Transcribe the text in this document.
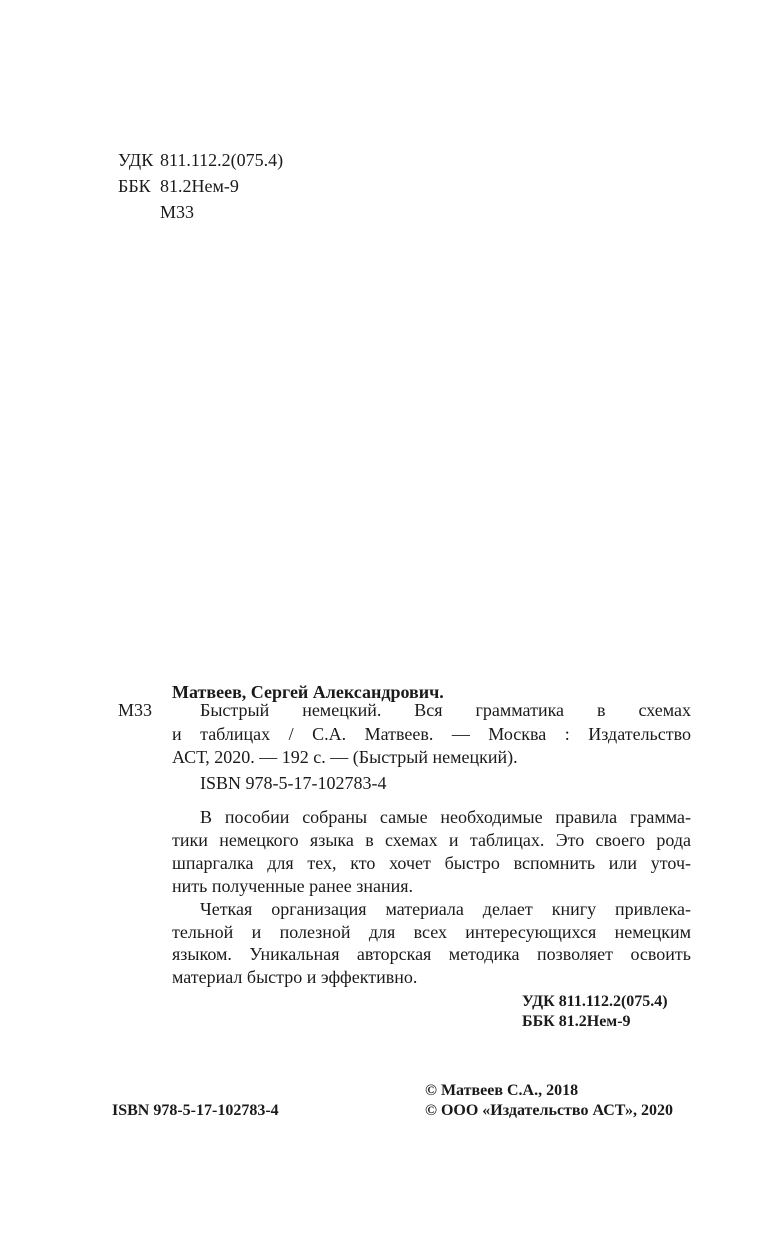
УДК 811.112.2(075.4)
ББК 81.2Нем-9
М33
Матвеев, Сергей Александрович.
М33	Быстрый немецкий. Вся грамматика в схемах
и таблицах / С.А. Матвеев. — Москва : Издательство
АСТ, 2020. — 192 с. — (Быстрый немецкий).
ISBN 978-5-17-102783-4
В пособии собраны самые необходимые правила грамма-
тики немецкого языка в схемах и таблицах. Это своего рода
шпаргалка для тех, кто хочет быстро вспомнить или уточ-
нить полученные ранее знания.
Четкая организация материала делает книгу привлека-
тельной и полезной для всех интересующихся немецким
языком. Уникальная авторская методика позволяет освоить
материал быстро и эффективно.
УДК 811.112.2(075.4)
ББК 81.2Нем-9
© Матвеев С.А., 2018
ISBN 978-5-17-102783-4	© ООО «Издательство АСТ», 2020
